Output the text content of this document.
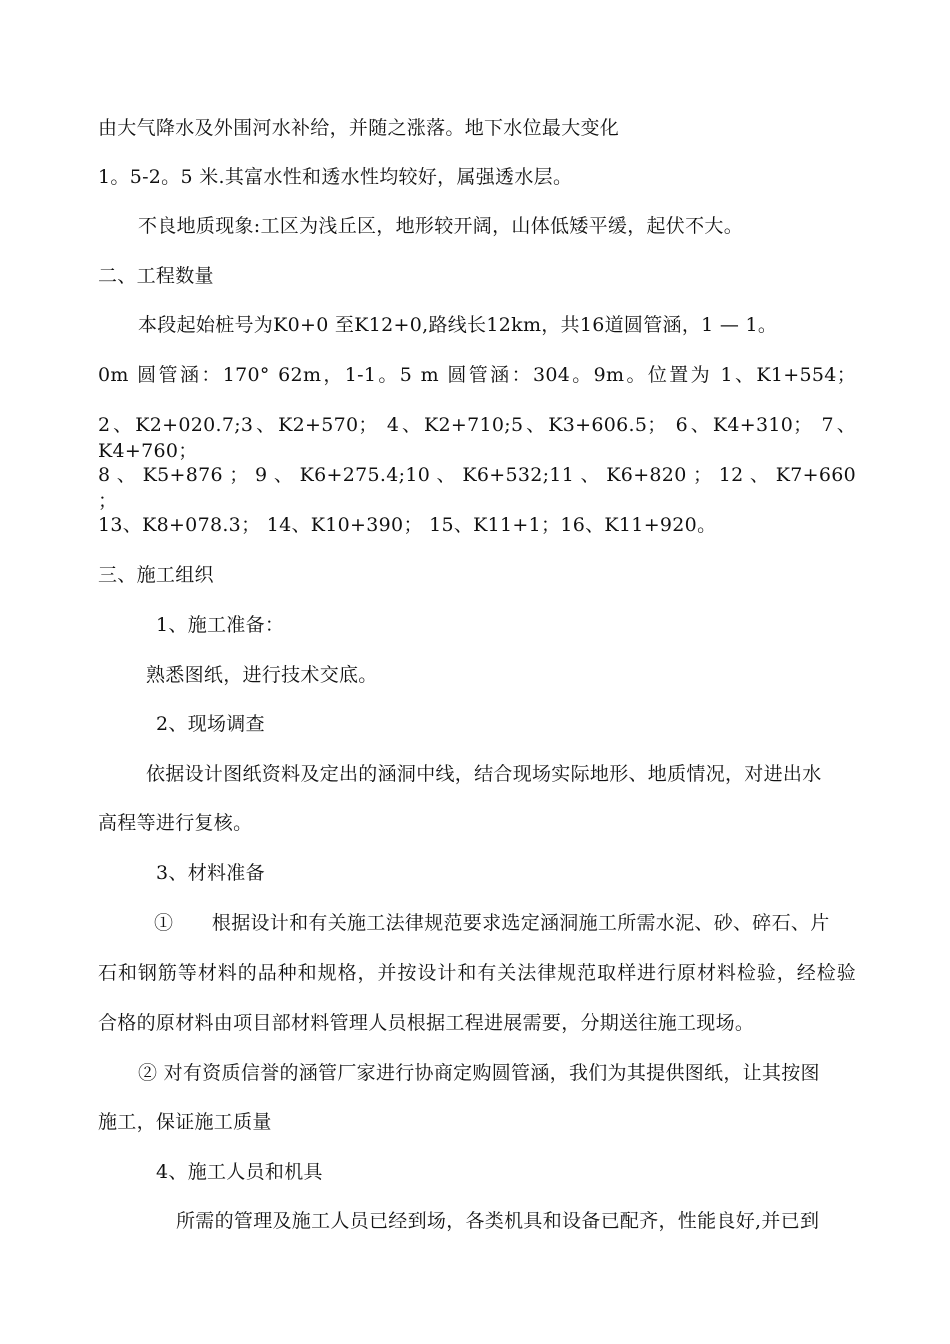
由大气降水及外围河水补给，并随之涨落。地下水位最大变化
1。5-2。5 米.其富水性和透水性均较好，属强透水层。
不良地质现象:工区为浅丘区，地形较开阔，山体低矮平缓，起伏不大。
二、工程数量
本段起始桩号为K0+0 至K12+0,路线长12km，共16道圆管涵，1 — 1。
0m 圆管涵：170° 62m，1-1。5 m 圆管涵：304。9m。位置为 1、K1+554；
2、K2+020.7;3、K2+570； 4、K2+710;5、K3+606.5； 6、K4+310； 7、K4+760；
8 、 K5+876 ； 9 、 K6+275.4;10 、 K6+532;11 、 K6+820 ； 12 、 K7+660 ；
13、K8+078.3； 14、K10+390； 15、K11+1；16、K11+920。
三、施工组织
1、施工准备：
熟悉图纸，进行技术交底。
2、现场调查
依据设计图纸资料及定出的涵洞中线，结合现场实际地形、地质情况，对进出水
高程等进行复核。
3、材料准备
①　　根据设计和有关施工法律规范要求选定涵洞施工所需水泥、砂、碎石、片
石和钢筋等材料的品种和规格，并按设计和有关法律规范取样进行原材料检验，经检验
合格的原材料由项目部材料管理人员根据工程进展需要，分期送往施工现场。
② 对有资质信誉的涵管厂家进行协商定购圆管涵，我们为其提供图纸，让其按图
施工，保证施工质量
4、施工人员和机具
所需的管理及施工人员已经到场，各类机具和设备已配齐，性能良好,并已到
